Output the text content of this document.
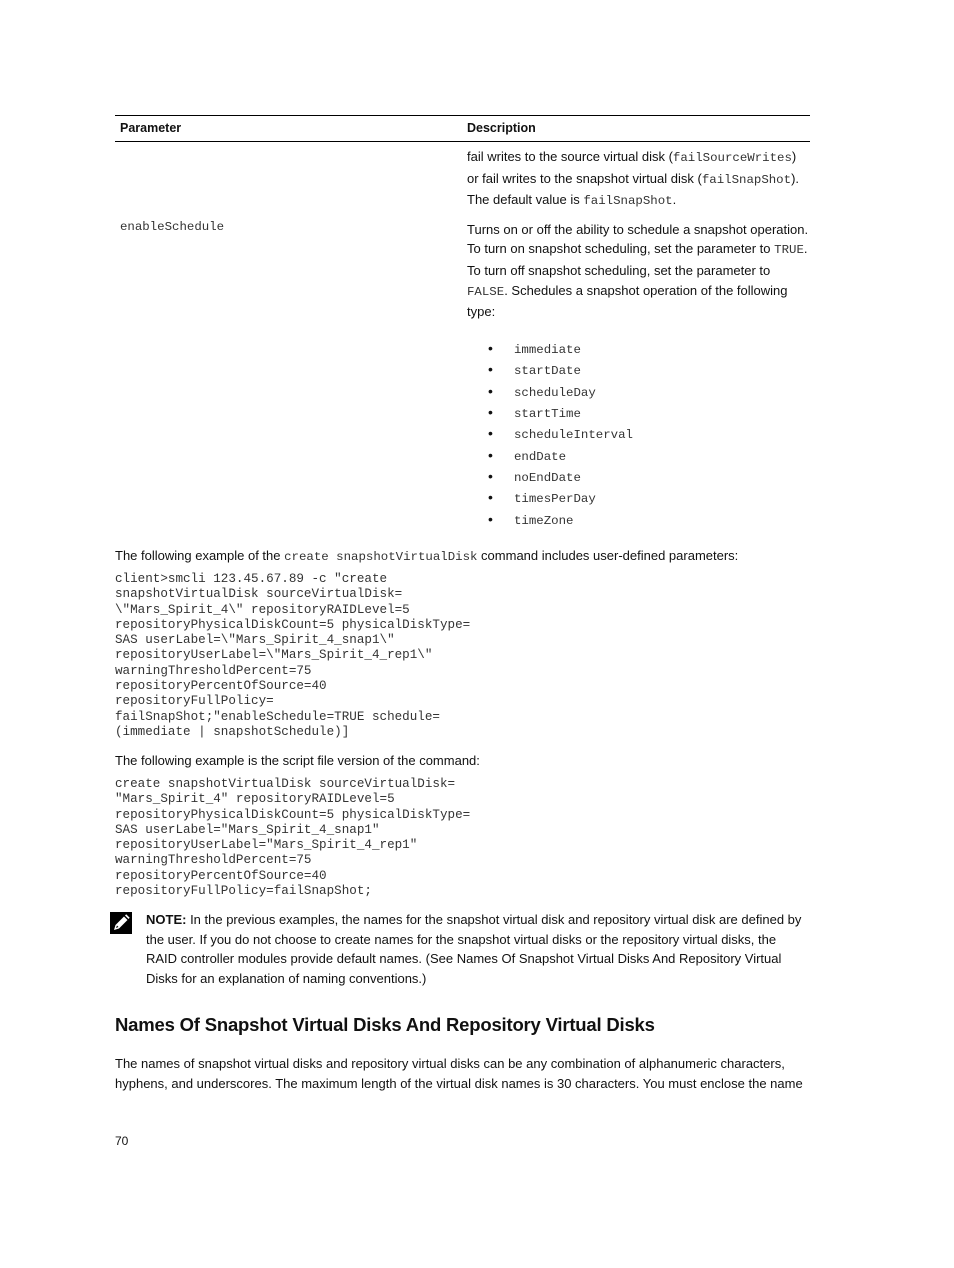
Parameter	Description
fail writes to the source virtual disk (failSourceWrites) or fail writes to the snapshot virtual disk (failSnapShot). The default value is failSnapShot.
enableSchedule	Turns on or off the ability to schedule a snapshot operation. To turn on snapshot scheduling, set the parameter to TRUE. To turn off snapshot scheduling, set the parameter to FALSE. Schedules a snapshot operation of the following type:
• immediate
• startDate
• scheduleDay
• startTime
• scheduleInterval
• endDate
• noEndDate
• timesPerDay
• timeZone
The following example of the create snapshotVirtualDisk command includes user-defined parameters:
client>smcli 123.45.67.89 -c "create
snapshotVirtualDisk sourceVirtualDisk=
\"Mars_Spirit_4\" repositoryRAIDLevel=5
repositoryPhysicalDiskCount=5 physicalDiskType=
SAS userLabel=\"Mars_Spirit_4_snap1\"
repositoryUserLabel=\"Mars_Spirit_4_rep1\"
warningThresholdPercent=75
repositoryPercentOfSource=40
repositoryFullPolicy=
failSnapShot;"enableSchedule=TRUE schedule=
(immediate | snapshotSchedule)]
The following example is the script file version of the command:
create snapshotVirtualDisk sourceVirtualDisk=
"Mars_Spirit_4" repositoryRAIDLevel=5
repositoryPhysicalDiskCount=5 physicalDiskType=
SAS userLabel="Mars_Spirit_4_snap1"
repositoryUserLabel="Mars_Spirit_4_rep1"
warningThresholdPercent=75
repositoryPercentOfSource=40
repositoryFullPolicy=failSnapShot;
NOTE: In the previous examples, the names for the snapshot virtual disk and repository virtual disk are defined by the user. If you do not choose to create names for the snapshot virtual disks or the repository virtual disks, the RAID controller modules provide default names. (See Names Of Snapshot Virtual Disks And Repository Virtual Disks for an explanation of naming conventions.)
Names Of Snapshot Virtual Disks And Repository Virtual Disks
The names of snapshot virtual disks and repository virtual disks can be any combination of alphanumeric characters, hyphens, and underscores. The maximum length of the virtual disk names is 30 characters. You must enclose the name
70
